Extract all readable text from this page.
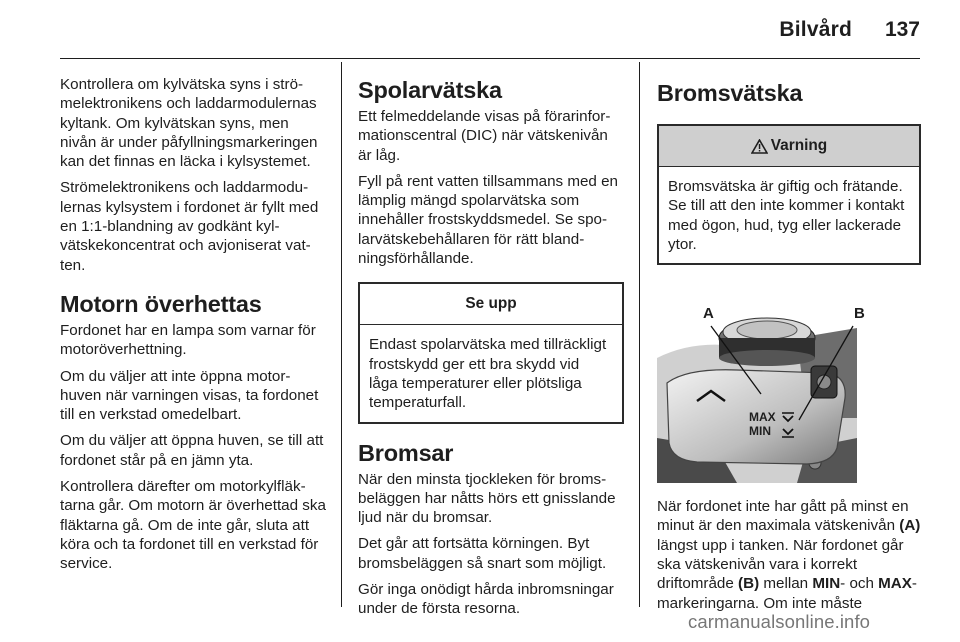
Bilvård	137

Kontrollera om kylvätska syns i strömelektronikens och laddarmodulernas kyltank. Om kylvätskan syns, men nivån är under påfyllningsmarkeringen kan det finnas en läcka i kylsystemet.

Strömelektronikens och laddarmodulernas kylsystem i fordonet är fyllt med en 1:1-blandning av godkänt kylvätskekoncentrat och avjoniserat vatten.

Motorn överhettas

Fordonet har en lampa som varnar för motoröverhettning.

Om du väljer att inte öppna motorhuven när varningen visas, ta fordonet till en verkstad omedelbart.

Om du väljer att öppna huven, se till att fordonet står på en jämn yta.

Kontrollera därefter om motorkylfläktarna går. Om motorn är överhettad ska fläktarna gå. Om de inte går, sluta att köra och ta fordonet till en verkstad för service.

Spolarvätska

Ett felmeddelande visas på förarinformationscentral (DIC) när vätskenivån är låg.

Fyll på rent vatten tillsammans med en lämplig mängd spolarvätska som innehåller frostskyddsmedel. Se spolarvätskebehållaren för rätt blandningsförhållande.

Se upp
Endast spolarvätska med tillräckligt frostskydd ger ett bra skydd vid låga temperaturer eller plötsliga temperaturfall.
Bromsar

När den minsta tjockleken för bromsbeläggen har nåtts hörs ett gnisslande ljud när du bromsar.

Det går att fortsätta körningen. Byt bromsbeläggen så snart som möjligt.

Gör inga onödigt hårda inbromsningar under de första resorna.

Bromsvätska
Varning
Bromsvätska är giftig och frätande. Se till att den inte kommer i kontakt med ögon, hud, tyg eller lackerade ytor.
A	B
MAX
MIN

När fordonet inte har gått på minst en minut är den maximala vätskenivån (A) längst upp i tanken. När fordonet går ska vätskenivån vara i korrekt driftområde (B) mellan MIN- och MAX-markeringarna. Om inte måste

carmanualsonline.info
